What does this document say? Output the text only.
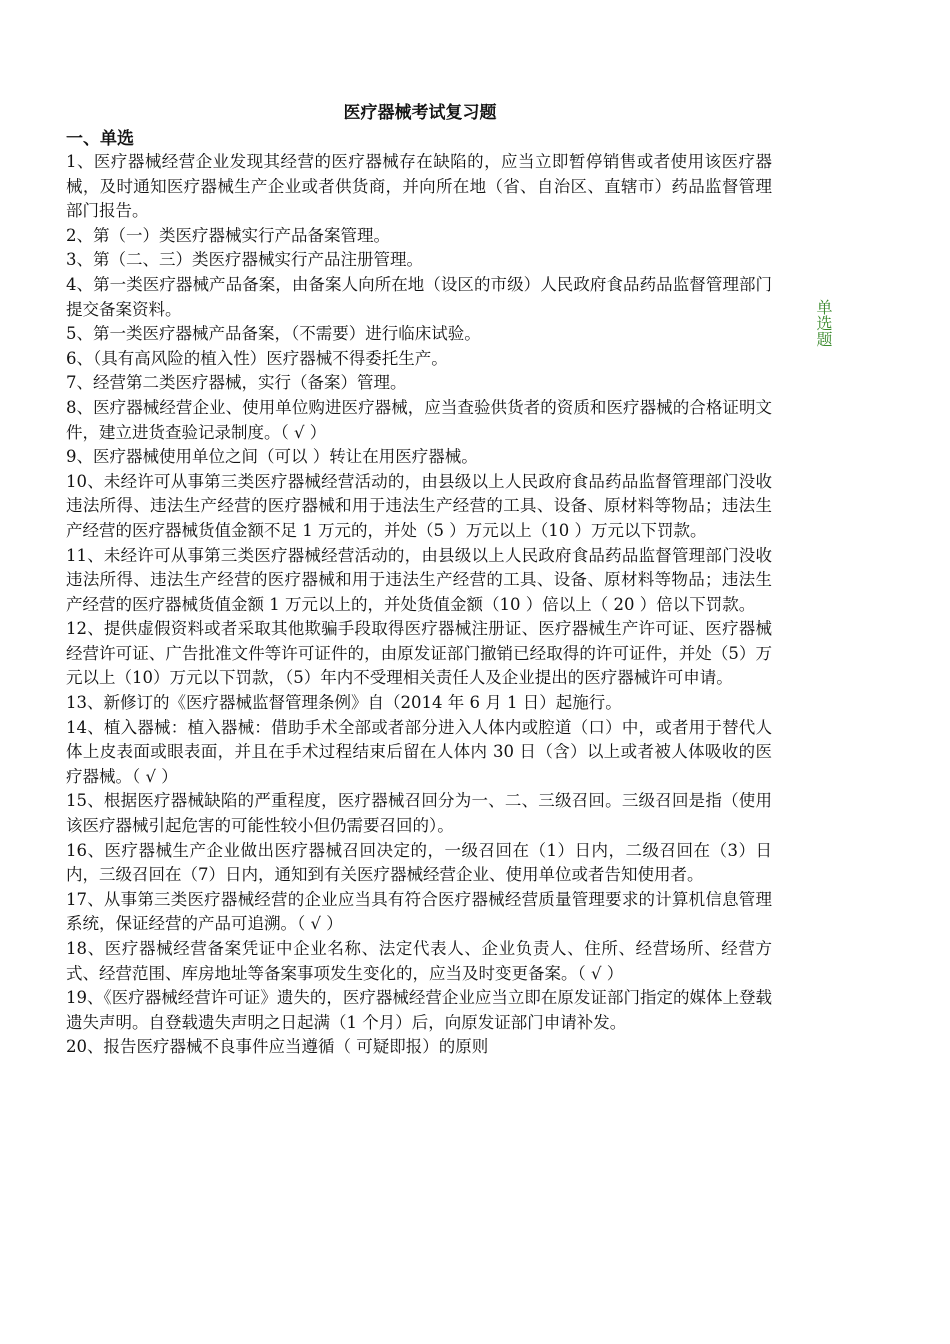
医疗器械考试复习题
一、单选

1、医疗器械经营企业发现其经营的医疗器械存在缺陷的，应当立即暂停销售或者使用该医疗器械，及时通知医疗器械生产企业或者供货商，并向所在地（省、自治区、直辖市）药品监督管理部门报告。

2、第（一）类医疗器械实行产品备案管理。

3、第（二、三）类医疗器械实行产品注册管理。

4、第一类医疗器械产品备案，由备案人向所在地（设区的市级）人民政府食品药品监督管理部门提交备案资料。

5、第一类医疗器械产品备案，（不需要）进行临床试验。

6、（具有高风险的植入性）医疗器械不得委托生产。

7、经营第二类医疗器械，实行（备案）管理。

8、医疗器械经营企业、使用单位购进医疗器械，应当查验供货者的资质和医疗器械的合格证明文件，建立进货查验记录制度。（ √ ）

9、医疗器械使用单位之间（可以 ）转让在用医疗器械。

10、未经许可从事第三类医疗器械经营活动的，由县级以上人民政府食品药品监督管理部门没收违法所得、违法生产经营的医疗器械和用于违法生产经营的工具、设备、原材料等物品；违法生产经营的医疗器械货值金额不足 1 万元的，并处（5 ）万元以上（10 ）万元以下罚款。

11、未经许可从事第三类医疗器械经营活动的，由县级以上人民政府食品药品监督管理部门没收违法所得、违法生产经营的医疗器械和用于违法生产经营的工具、设备、原材料等物品；违法生产经营的医疗器械货值金额 1 万元以上的，并处货值金额（10 ）倍以上（ 20 ）倍以下罚款。

12、提供虚假资料或者采取其他欺骗手段取得医疗器械注册证、医疗器械生产许可证、医疗器械经营许可证、广告批准文件等许可证件的，由原发证部门撤销已经取得的许可证件，并处（5）万元以上（10）万元以下罚款，（5）年内不受理相关责任人及企业提出的医疗器械许可申请。

13、新修订的《医疗器械监督管理条例》自（2014 年 6 月 1 日）起施行。

14、植入器械：植入器械：借助手术全部或者部分进入人体内或腔道（口）中，或者用于替代人体上皮表面或眼表面，并且在手术过程结束后留在人体内 30 日（含）以上或者被人体吸收的医疗器械。（ √ ）

15、根据医疗器械缺陷的严重程度，医疗器械召回分为一、二、三级召回。三级召回是指（使用该医疗器械引起危害的可能性较小但仍需要召回的）。

16、医疗器械生产企业做出医疗器械召回决定的，一级召回在（1）日内，二级召回在（3）日内，三级召回在（7）日内，通知到有关医疗器械经营企业、使用单位或者告知使用者。

17、从事第三类医疗器械经营的企业应当具有符合医疗器械经营质量管理要求的计算机信息管理系统，保证经营的产品可追溯。（ √ ）

18、医疗器械经营备案凭证中企业名称、法定代表人、企业负责人、住所、经营场所、经营方式、经营范围、库房地址等备案事项发生变化的，应当及时变更备案。（ √ ）

19、《医疗器械经营许可证》遗失的，医疗器械经营企业应当立即在原发证部门指定的媒体上登载遗失声明。自登载遗失声明之日起满（1 个月）后，向原发证部门申请补发。

20、报告医疗器械不良事件应当遵循（ 可疑即报）的原则

单选题
